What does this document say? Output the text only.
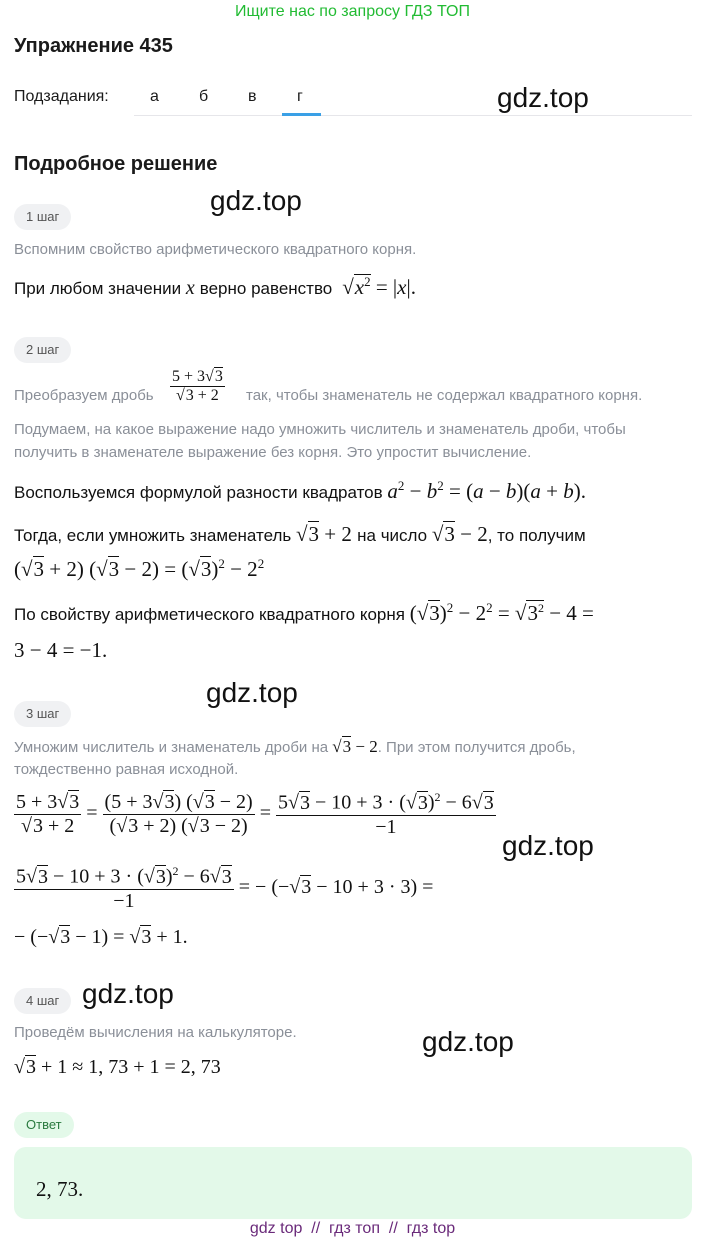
Ищите нас по запросу ГДЗ ТОП
Упражнение 435
Подзадания:	а	б в	г	gdz.top
gdz.top
gdz.top
gdz.top
gdz.top
gdz.top
Подробное решение
1 шаг
Вспомним свойство арифметического квадратного корня.
При любом значении x верно равенство  $√x^2 = |x|$.
2 шаг
Преобразуем дробь $\frac{5 + 3√3}{√3 + 2}$ так, чтобы знаменатель не содержал квадратного корня.
Подумаем, на какое выражение надо умножить числитель и знаменатель дроби, чтобы
получить в знаменателе выражение без корня. Это упростит вычисление.
Воспользуемся формулой разности квадратов $a^2 - b^2 = (a - b)(a + b)$.
Тогда, если умножить знаменатель √3 + 2 на число √3 − 2, то получим
(√3 + 2) $(√3 - 2) = (√3)^2 - 2^2$
По свойству арифметического квадратного корня $(√3)^2 - 2^2 = √3^2 - 4$ =
3 − 4 = −1.
3 шаг
Умножим числитель и знаменатель дроби на √3 − 2. При этом получится дробь,
тождественно равная исходной.
$\frac{5 + 3√3}{√3 + 2} = \frac{(5 + 3√3) (√3 - 2)}{(√3 + 2) (√3 - 2)} = \frac{5√3 - 10 + 3 \cdot (√3)^2 - 6√3}{-1}$
$\frac{5√3 - 10 + 3 \cdot (√3)^2 - 6√3}{-1}$ = − (−√3 − 10 + 3 · 3) =
− (−√3 − 1) = √3 + 1.
4 шаг
Проведём вычисления на калькуляторе.
√3 + 1 ≈ 1, 73 + 1 = 2, 73
Ответ
2, 73.
gdz top  //  гдз топ  //  гдз top
